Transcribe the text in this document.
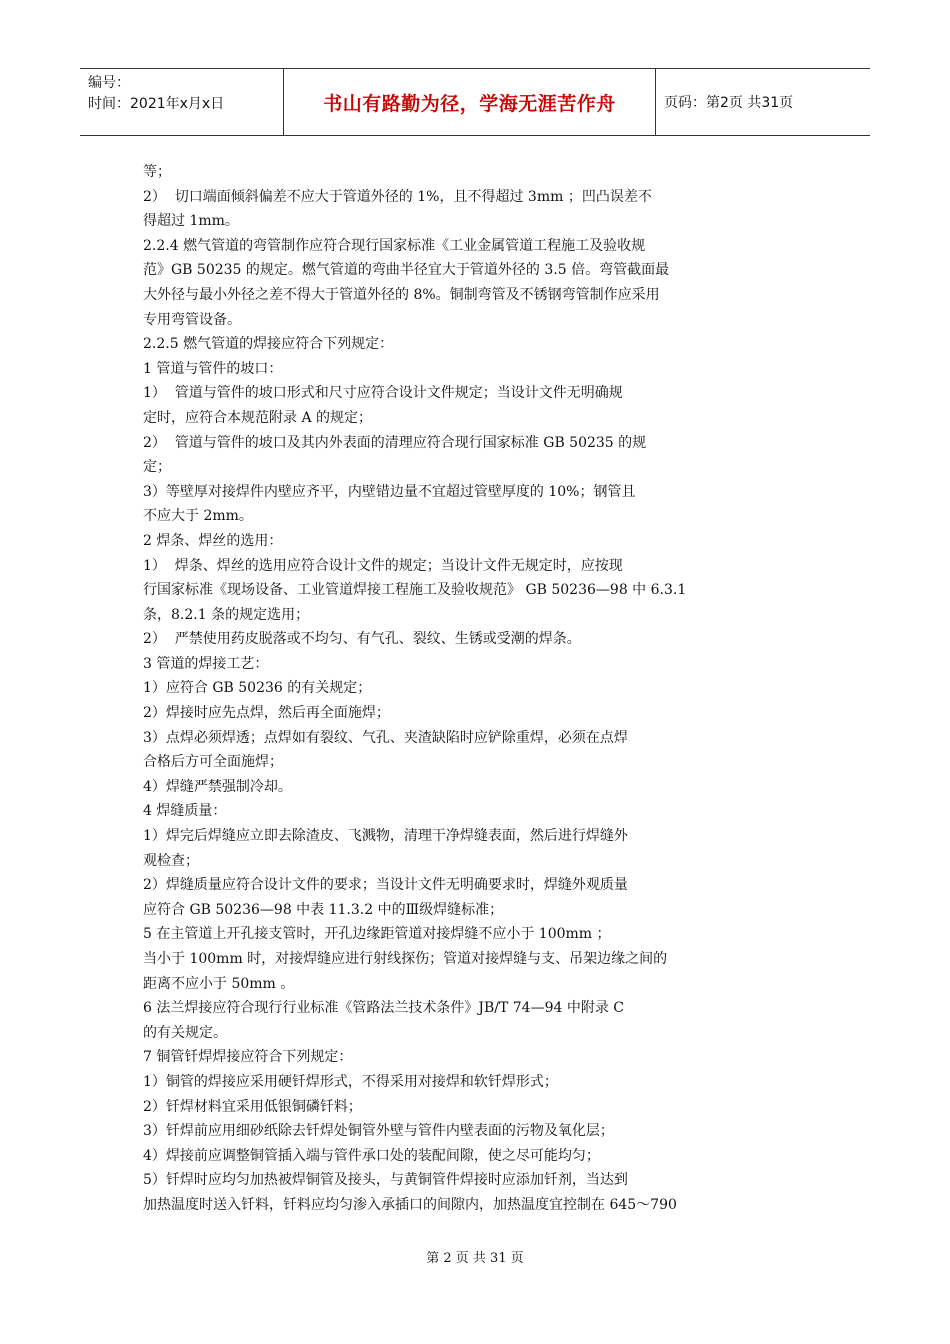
编号：
时间：2021年x月x日	书山有路勤为径，学海无涯苦作舟	页码：第2页 共31页
等；
2）  切口端面倾斜偏差不应大于管道外径的 1%，且不得超过 3mm ；凹凸误差不
得超过 1mm。
2.2.4 燃气管道的弯管制作应符合现行国家标准《工业金属管道工程施工及验收规
范》GB 50235 的规定。燃气管道的弯曲半径宜大于管道外径的 3.5 倍。弯管截面最
大外径与最小外径之差不得大于管道外径的 8%。铜制弯管及不锈钢弯管制作应采用
专用弯管设备。
2.2.5 燃气管道的焊接应符合下列规定：
1 管道与管件的坡口：
1）  管道与管件的坡口形式和尺寸应符合设计文件规定；当设计文件无明确规
定时，应符合本规范附录 A 的规定；
2）  管道与管件的坡口及其内外表面的清理应符合现行国家标准 GB 50235 的规
定；
3）等壁厚对接焊件内壁应齐平，内壁错边量不宜超过管壁厚度的 10%；钢管且
不应大于 2mm。
2 焊条、焊丝的选用：
1）  焊条、焊丝的选用应符合设计文件的规定；当设计文件无规定时，应按现
行国家标准《现场设备、工业管道焊接工程施工及验收规范》 GB 50236—98 中 6.3.1
条，8.2.1 条的规定选用；
2）  严禁使用药皮脱落或不均匀、有气孔、裂纹、生锈或受潮的焊条。
3 管道的焊接工艺：
1）应符合 GB 50236 的有关规定；
2）焊接时应先点焊，然后再全面施焊；
3）点焊必须焊透；点焊如有裂纹、气孔、夹渣缺陷时应铲除重焊，必须在点焊
合格后方可全面施焊；
4）焊缝严禁强制冷却。
4 焊缝质量：
1）焊完后焊缝应立即去除渣皮、飞溅物，清理干净焊缝表面，然后进行焊缝外
观检查；
2）焊缝质量应符合设计文件的要求；当设计文件无明确要求时，焊缝外观质量
应符合 GB 50236—98 中表 11.3.2 中的Ⅲ级焊缝标准；
5 在主管道上开孔接支管时，开孔边缘距管道对接焊缝不应小于 100mm ；
当小于 100mm 时，对接焊缝应进行射线探伤；管道对接焊缝与支、吊架边缘之间的
距离不应小于 50mm 。
6 法兰焊接应符合现行行业标准《管路法兰技术条件》JB/T 74—94 中附录 C
的有关规定。
7 铜管钎焊焊接应符合下列规定：
1）铜管的焊接应采用硬钎焊形式，不得采用对接焊和软钎焊形式；
2）钎焊材料宜采用低银铜磷钎料；
3）钎焊前应用细砂纸除去钎焊处铜管外壁与管件内壁表面的污物及氧化层；
4）焊接前应调整铜管插入端与管件承口处的装配间隙，使之尽可能均匀；
5）钎焊时应均匀加热被焊铜管及接头，与黄铜管件焊接时应添加钎剂，当达到
加热温度时送入钎料，钎料应均匀渗入承插口的间隙内，加热温度宜控制在 645～790
第 2 页 共 31 页
